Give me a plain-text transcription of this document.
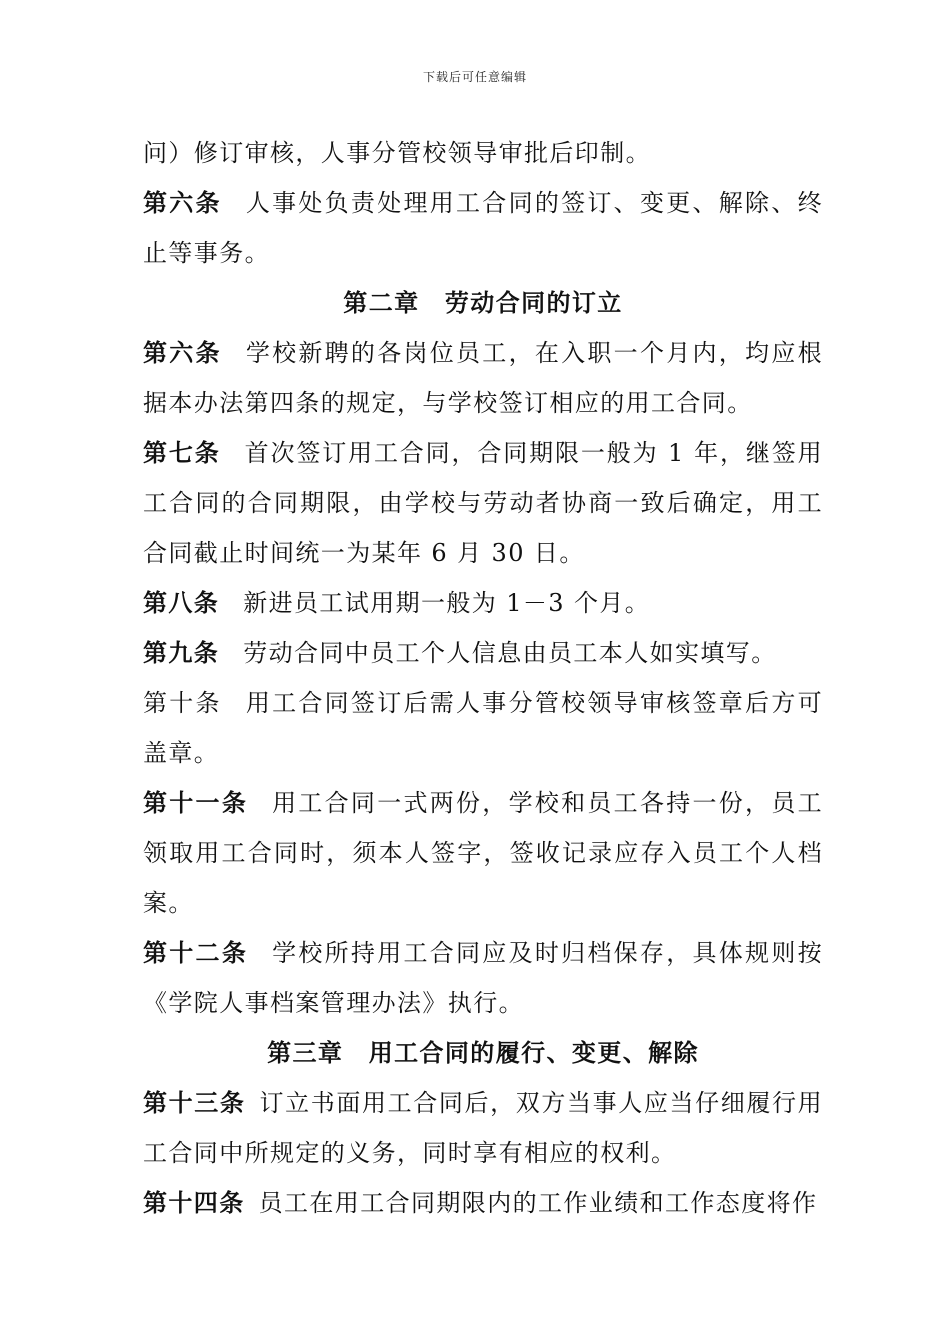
下载后可任意编辑

问）修订审核，人事分管校领导审批后印制。

第六条 人事处负责处理用工合同的签订、变更、解除、终止等事务。

第二章　劳动合同的订立

第六条 学校新聘的各岗位员工，在入职一个月内，均应根据本办法第四条的规定，与学校签订相应的用工合同。

第七条 首次签订用工合同，合同期限一般为 1 年，继签用工合同的合同期限，由学校与劳动者协商一致后确定，用工合同截止时间统一为某年 6 月 30 日。

第八条 新进员工试用期一般为 1－3 个月。

第九条 劳动合同中员工个人信息由员工本人如实填写。

第十条 用工合同签订后需人事分管校领导审核签章后方可盖章。

第十一条 用工合同一式两份，学校和员工各持一份，员工领取用工合同时，须本人签字，签收记录应存入员工个人档案。

第十二条 学校所持用工合同应及时归档保存，具体规则按《学院人事档案管理办法》执行。

第三章　用工合同的履行、变更、解除

第十三条 订立书面用工合同后，双方当事人应当仔细履行用工合同中所规定的义务，同时享有相应的权利。

第十四条 员工在用工合同期限内的工作业绩和工作态度将作
